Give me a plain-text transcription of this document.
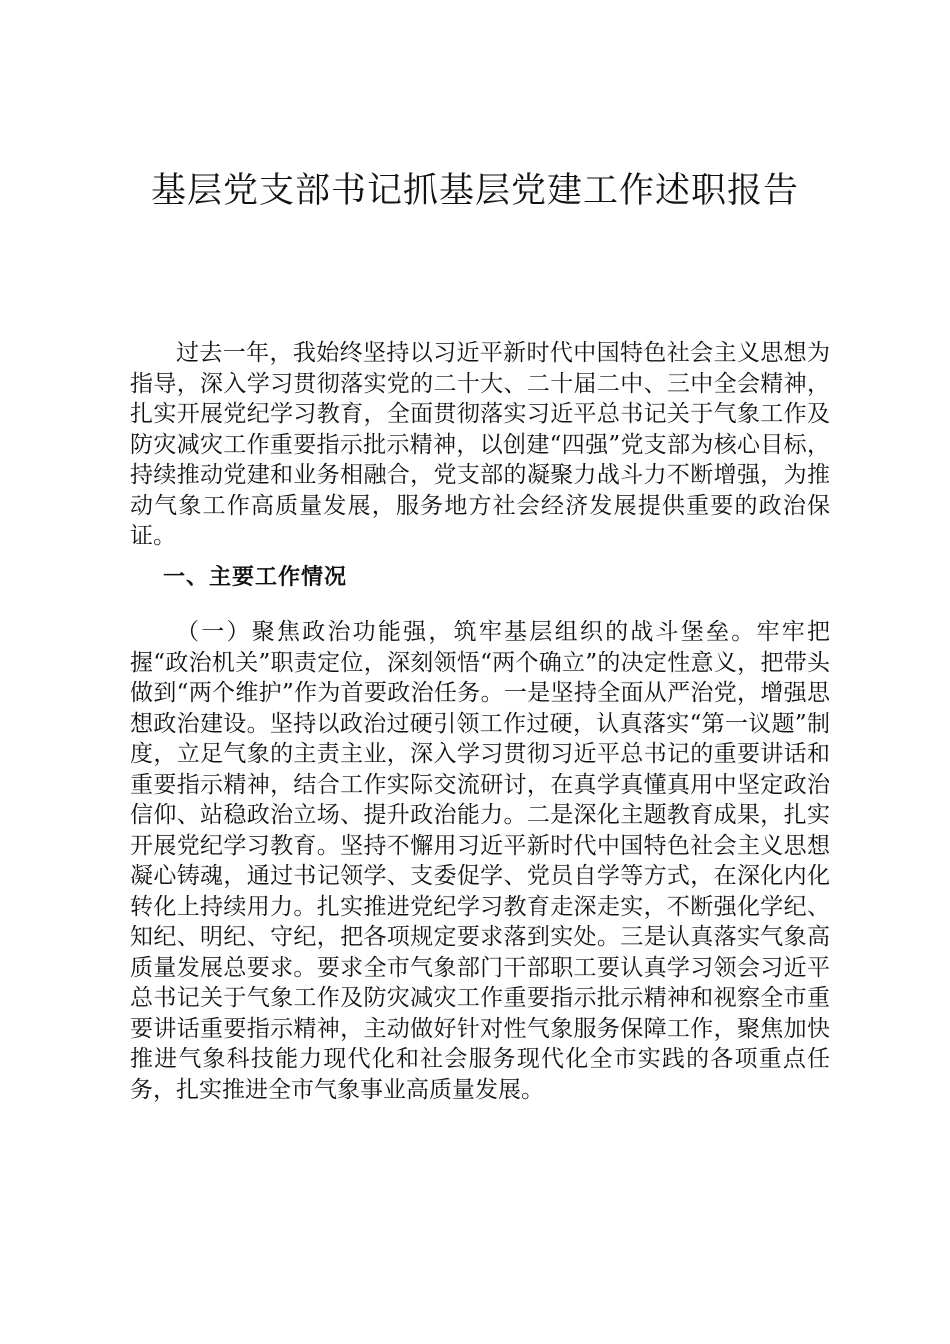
基层党支部书记抓基层党建工作述职报告

过去一年，我始终坚持以习近平新时代中国特色社会主义思想为指导，深入学习贯彻落实党的二十大、二十届二中、三中全会精神，扎实开展党纪学习教育，全面贯彻落实习近平总书记关于气象工作及防灾减灾工作重要指示批示精神，以创建“四强”党支部为核心目标，持续推动党建和业务相融合，党支部的凝聚力战斗力不断增强，为推动气象工作高质量发展，服务地方社会经济发展提供重要的政治保证。

一、主要工作情况

（一）聚焦政治功能强，筑牢基层组织的战斗堡垒。牢牢把握“政治机关”职责定位，深刻领悟“两个确立”的决定性意义，把带头做到“两个维护”作为首要政治任务。一是坚持全面从严治党，增强思想政治建设。坚持以政治过硬引领工作过硬，认真落实“第一议题”制度，立足气象的主责主业，深入学习贯彻习近平总书记的重要讲话和重要指示精神，结合工作实际交流研讨，在真学真懂真用中坚定政治信仰、站稳政治立场、提升政治能力。二是深化主题教育成果，扎实开展党纪学习教育。坚持不懈用习近平新时代中国特色社会主义思想凝心铸魂，通过书记领学、支委促学、党员自学等方式，在深化内化转化上持续用力。扎实推进党纪学习教育走深走实，不断强化学纪、知纪、明纪、守纪，把各项规定要求落到实处。三是认真落实气象高质量发展总要求。要求全市气象部门干部职工要认真学习领会习近平总书记关于气象工作及防灾减灾工作重要指示批示精神和视察全市重要讲话重要指示精神，主动做好针对性气象服务保障工作，聚焦加快推进气象科技能力现代化和社会服务现代化全市实践的各项重点任务，扎实推进全市气象事业高质量发展。
